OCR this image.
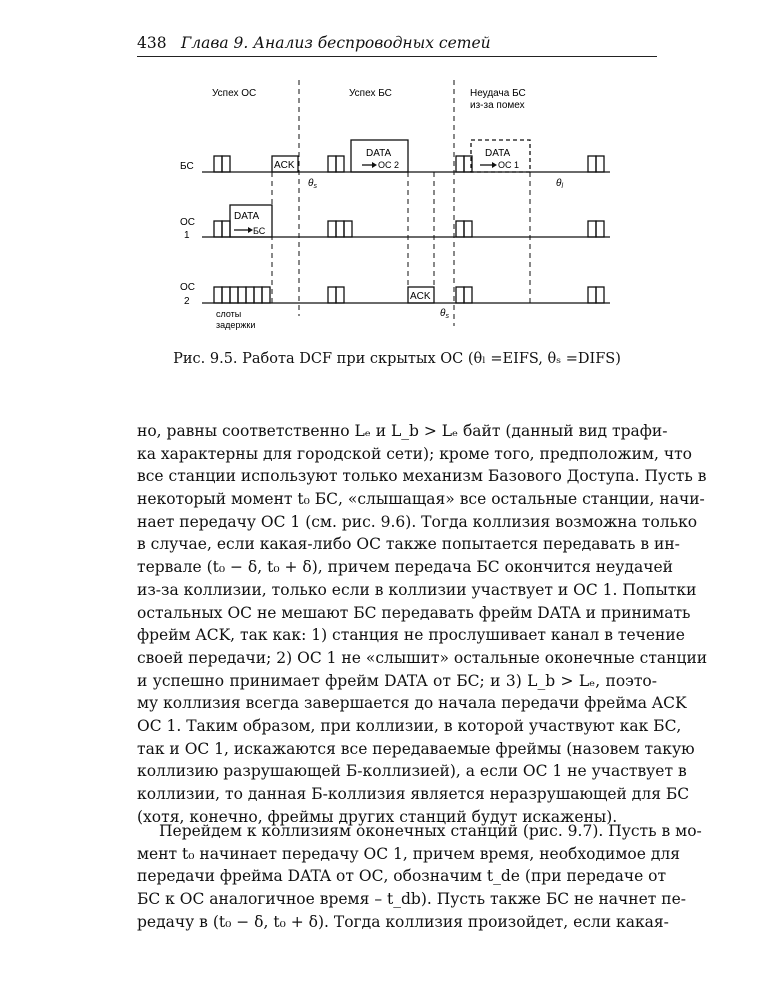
438 Глава 9. Анализ беспроводных сетей
Успех ОС	Успех БС	Неудача БС
из-за помех
БС
ОС
1
ОС
2
DATA
ОС 2
DATA
ОС 1
DATA
БС
ACK
ACK
$\theta_s$	$\theta_l$
$\theta_s$
слоты
задержки
Рис. 9.5. Работа DCF при скрытых ОС (θₗ =EIFS, θₛ =DIFS)
но, равны соответственно Lₑ и L_b > Lₑ байт (данный вид трафи-
ка характерны для городской сети); кроме того, предположим, что
все станции используют только механизм Базового Доступа. Пусть в
некоторый момент t₀ БС, «слышащая» все остальные станции, начи-
нает передачу ОС 1 (см. рис. 9.6). Тогда коллизия возможна только
в случае, если какая-либо ОС также попытается передавать в ин-
тервале (t₀ − δ, t₀ + δ), причем передача БС окончится неудачей
из-за коллизии, только если в коллизии участвует и ОС 1. Попытки
остальных ОС не мешают БС передавать фрейм DATA и принимать
фрейм ACK, так как: 1) станция не прослушивает канал в течение
своей передачи; 2) ОС 1 не «слышит» остальные оконечные станции
и успешно принимает фрейм DATA от БС; и 3) L_b > Lₑ, поэто-
му коллизия всегда завершается до начала передачи фрейма ACK
ОС 1. Таким образом, при коллизии, в которой участвуют как БС,
так и ОС 1, искажаются все передаваемые фреймы (назовем такую
коллизию разрушающей Б-коллизией), а если ОС 1 не участвует в
коллизии, то данная Б-коллизия является неразрушающей для БС
(хотя, конечно, фреймы других станций будут искажены).
Перейдем к коллизиям оконечных станций (рис. 9.7). Пусть в мо-
мент t₀ начинает передачу ОС 1, причем время, необходимое для
передачи фрейма DATA от ОС, обозначим t_de (при передаче от
БС к ОС аналогичное время – t_db). Пусть также БС не начнет пе-
редачу в (t₀ − δ, t₀ + δ). Тогда коллизия произойдет, если какая-
